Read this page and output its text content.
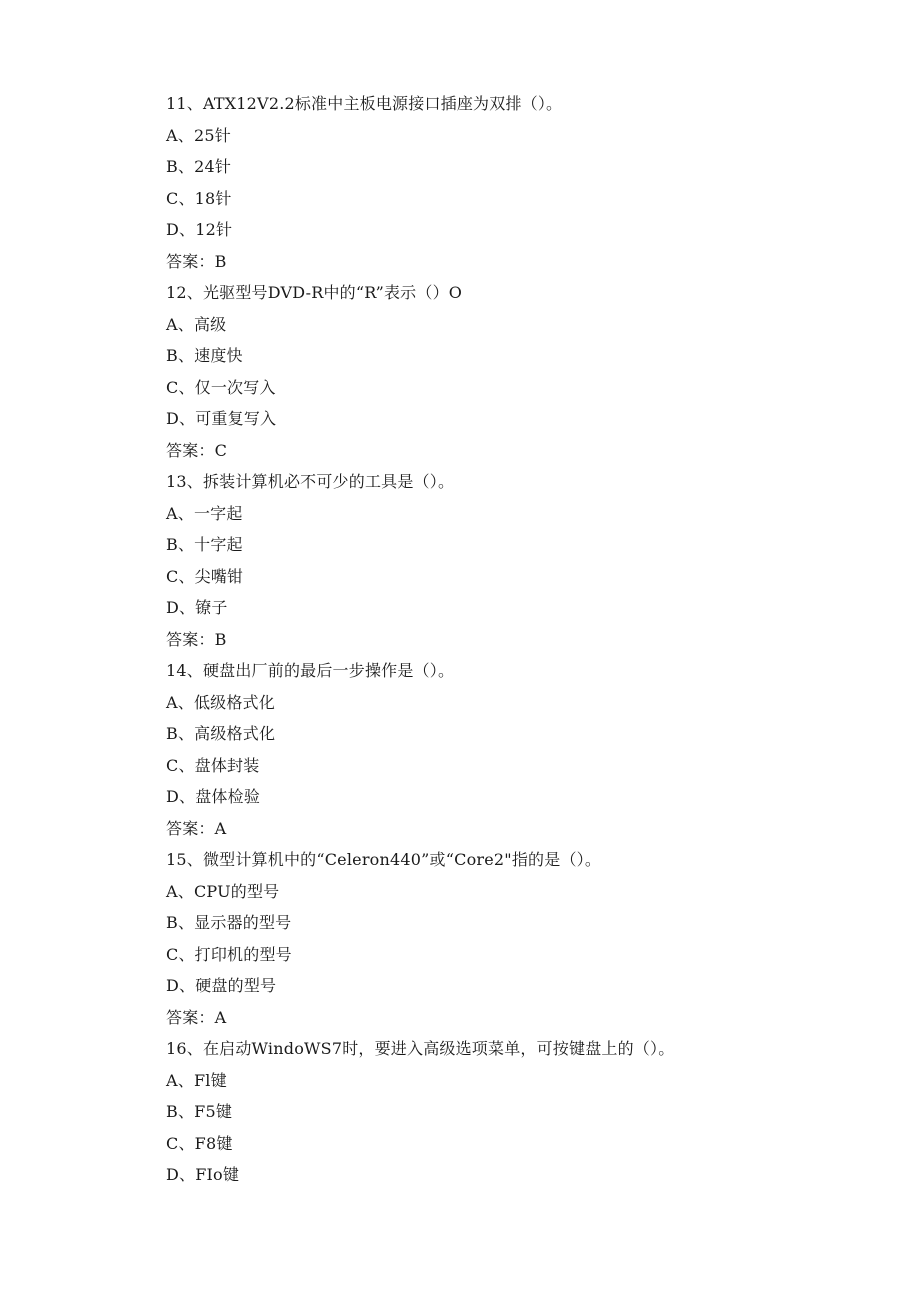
11、ATX12V2.2标准中主板电源接口插座为双排（）。
A、25针
B、24针
C、18针
D、12针
答案：B
12、光驱型号DVD-R中的“R”表示（）O
A、高级
B、速度快
C、仅一次写入
D、可重复写入
答案：C
13、拆装计算机必不可少的工具是（）。
A、一字起
B、十字起
C、尖嘴钳
D、镣子
答案：B
14、硬盘出厂前的最后一步操作是（）。
A、低级格式化
B、高级格式化
C、盘体封装
D、盘体检验
答案：A
15、微型计算机中的“Celeron440”或“Core2"指的是（）。
A、CPU的型号
B、显示器的型号
C、打印机的型号
D、硬盘的型号
答案：A
16、在启动WindoWS7时，要进入高级选项菜单，可按键盘上的（）。
A、Fl键
B、F5键
C、F8键
D、FIo键
